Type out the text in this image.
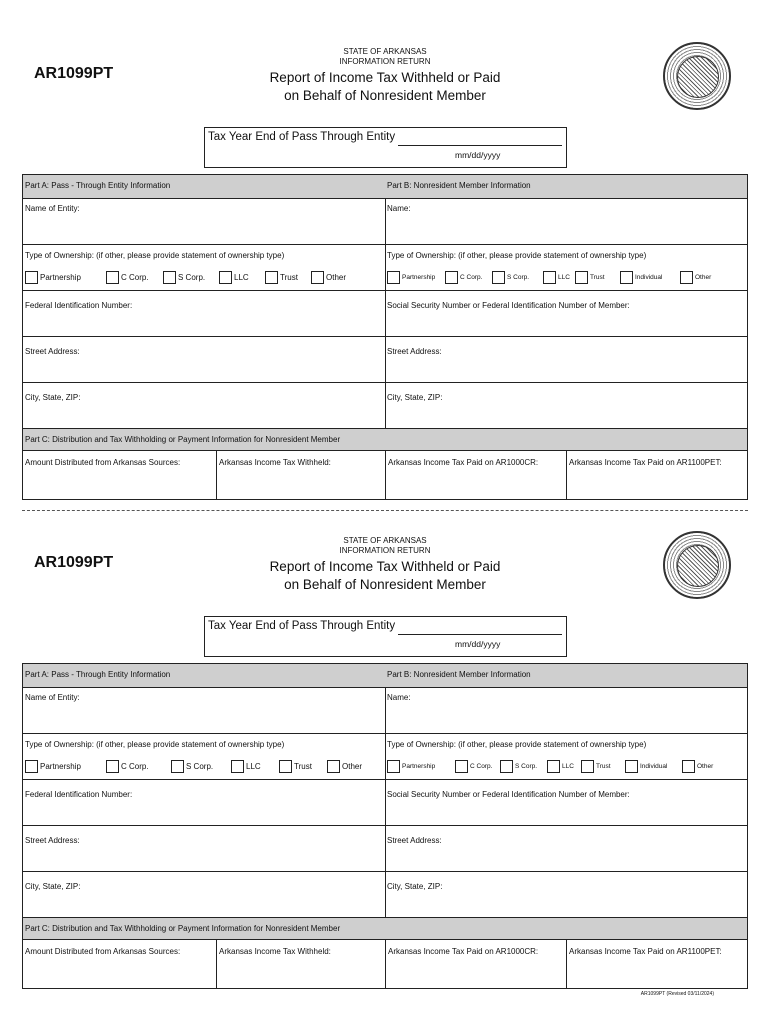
AR1099PT
STATE OF ARKANSAS
INFORMATION RETURN
Report of Income Tax Withheld or Paid
on Behalf of Nonresident Member
Tax Year End of Pass Through Entity
mm/dd/yyyy
Part A: Pass - Through Entity Information	Part B: Nonresident Member Information
Name of Entity:	Name:
Type of Ownership: (if other, please provide statement of ownership type)
Partnership	C Corp.	S Corp.	LLC	Trust	Other
Type of Ownership: (if other, please provide statement of ownership type)
Partnership	C Corp.	S Corp.	LLC	Trust	Individual	Other
Federal Identification Number:	Social Security Number or Federal Identification Number of Member:
Street Address:	Street Address:
City, State, ZIP:	City, State, ZIP:
Part C: Distribution and Tax Withholding or Payment Information for Nonresident Member
Amount Distributed from Arkansas Sources:	Arkansas Income Tax Withheld:	Arkansas Income Tax Paid on AR1000CR:	Arkansas Income Tax Paid on AR1100PET:
AR1099PT
STATE OF ARKANSAS
INFORMATION RETURN
Report of Income Tax Withheld or Paid
on Behalf of Nonresident Member
Tax Year End of Pass Through Entity
mm/dd/yyyy
Part A: Pass - Through Entity Information	Part B: Nonresident Member Information
Name of Entity:	Name:
Type of Ownership: (if other, please provide statement of ownership type)
Partnership	C Corp.	S Corp.	LLC	Trust	Other
Type of Ownership: (if other, please provide statement of ownership type)
Partnership	C Corp.	S Corp.	LLC	Trust	Individual	Other
Federal Identification Number:	Social Security Number or Federal Identification Number of Member:
Street Address:	Street Address:
City, State, ZIP:	City, State, ZIP:
Part C: Distribution and Tax Withholding or Payment Information for Nonresident Member
Amount Distributed from Arkansas Sources:	Arkansas Income Tax Withheld:	Arkansas Income Tax Paid on AR1000CR:	Arkansas Income Tax Paid on AR1100PET:
AR1099PT (Revised 03/11/2024)
